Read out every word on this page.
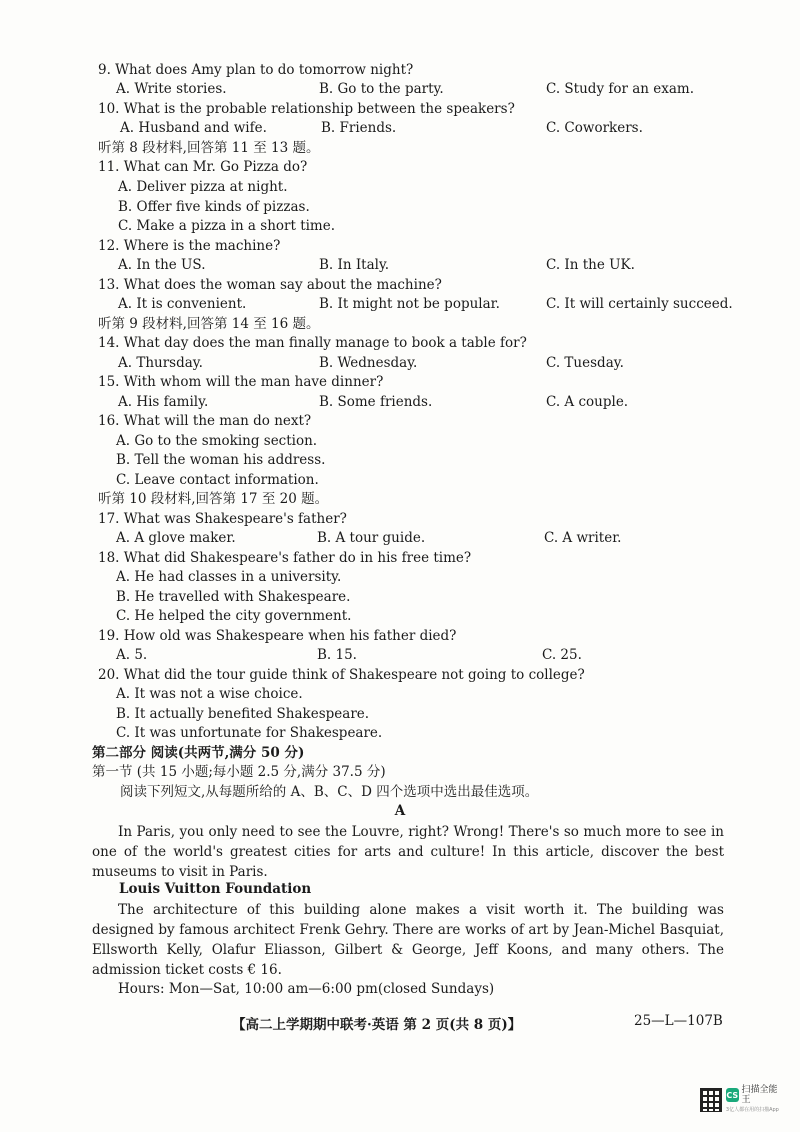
9. What does Amy plan to do tomorrow night?
A. Write stories.	B. Go to the party.	C. Study for an exam.
10. What is the probable relationship between the speakers?
A. Husband and wife.	B. Friends.	C. Coworkers.
听第 8 段材料,回答第 11 至 13 题。
11. What can Mr. Go Pizza do?
A. Deliver pizza at night.
B. Offer five kinds of pizzas.
C. Make a pizza in a short time.
12. Where is the machine?
A. In the US.	B. In Italy.	C. In the UK.
13. What does the woman say about the machine?
A. It is convenient.	B. It might not be popular.	C. It will certainly succeed.
听第 9 段材料,回答第 14 至 16 题。
14. What day does the man finally manage to book a table for?
A. Thursday.	B. Wednesday.	C. Tuesday.
15. With whom will the man have dinner?
A. His family.	B. Some friends.	C. A couple.
16. What will the man do next?
A. Go to the smoking section.
B. Tell the woman his address.
C. Leave contact information.
听第 10 段材料,回答第 17 至 20 题。
17. What was Shakespeare's father?
A. A glove maker.	B. A tour guide.	C. A writer.
18. What did Shakespeare's father do in his free time?
A. He had classes in a university.
B. He travelled with Shakespeare.
C. He helped the city government.
19. How old was Shakespeare when his father died?
A. 5.	B. 15.	C. 25.
20. What did the tour guide think of Shakespeare not going to college?
A. It was not a wise choice.
B. It actually benefited Shakespeare.
C. It was unfortunate for Shakespeare.
第二部分 阅读(共两节,满分 50 分)
第一节 (共 15 小题;每小题 2.5 分,满分 37.5 分)
阅读下列短文,从每题所给的 A、B、C、D 四个选项中选出最佳选项。
A
In Paris, you only need to see the Louvre, right? Wrong! There's so much more to see in one of the world's greatest cities for arts and culture! In this article, discover the best museums to visit in Paris.
Louis Vuitton Foundation
The architecture of this building alone makes a visit worth it. The building was designed by famous architect Frenk Gehry. There are works of art by Jean-Michel Basquiat, Ellsworth Kelly, Olafur Eliasson, Gilbert & George, Jeff Koons, and many others. The admission ticket costs € 16.
Hours: Mon—Sat, 10:00 am—6:00 pm(closed Sundays)
【高二上学期期中联考·英语 第 2 页(共 8 页)】	25—L—107B
CS 扫描全能王
3亿人都在用的扫描App
